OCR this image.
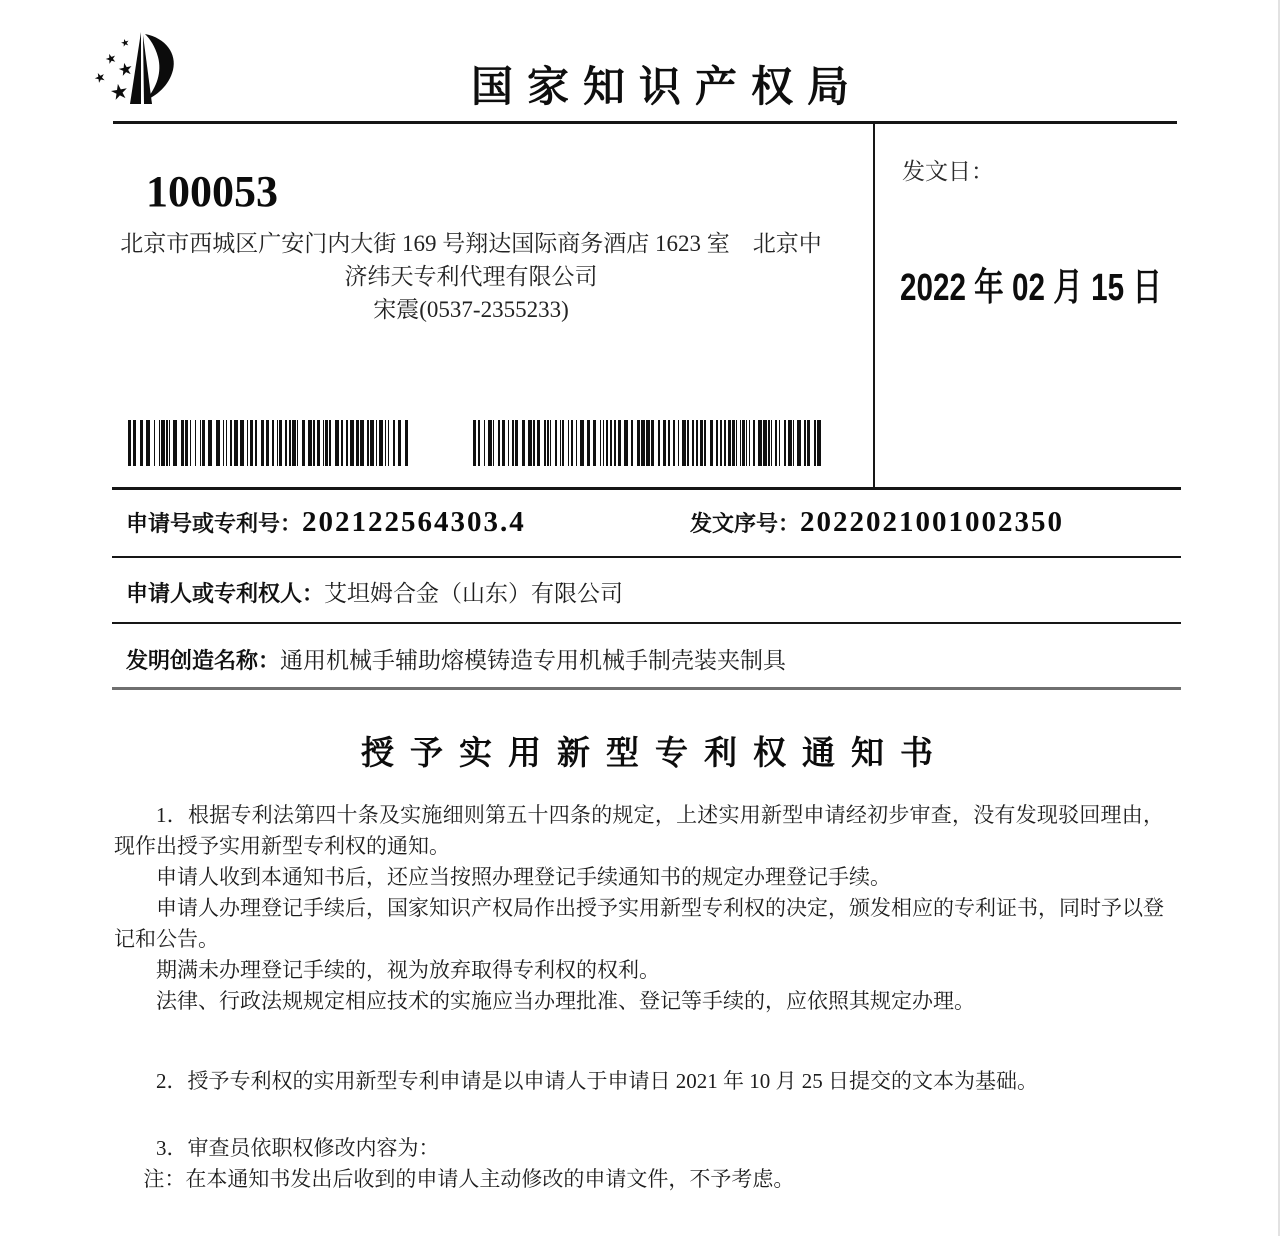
★
★
★
★
★	国家知识产权局
100053
北京市西城区广安门内大街 169 号翔达国际商务酒店 1623 室　北京中
济纬天专利代理有限公司
宋震(0537-2355233)
发文日：
2022 年 02 月 15 日
申请号或专利号： 202122564303.4	发文序号： 2022021001002350
申请人或专利权人： 艾坦姆合金（山东）有限公司
发明创造名称： 通用机械手辅助熔模铸造专用机械手制壳装夹制具
授予实用新型专利权通知书

1．根据专利法第四十条及实施细则第五十四条的规定，上述实用新型申请经初步审查，没有发现驳回理由，现作出授予实用新型专利权的通知。

申请人收到本通知书后，还应当按照办理登记手续通知书的规定办理登记手续。

申请人办理登记手续后，国家知识产权局作出授予实用新型专利权的决定，颁发相应的专利证书，同时予以登记和公告。

期满未办理登记手续的，视为放弃取得专利权的权利。

法律、行政法规规定相应技术的实施应当办理批准、登记等手续的，应依照其规定办理。

2．授予专利权的实用新型专利申请是以申请人于申请日 2021 年 10 月 25 日提交的文本为基础。

3．审查员依职权修改内容为：

注：在本通知书发出后收到的申请人主动修改的申请文件，不予考虑。
